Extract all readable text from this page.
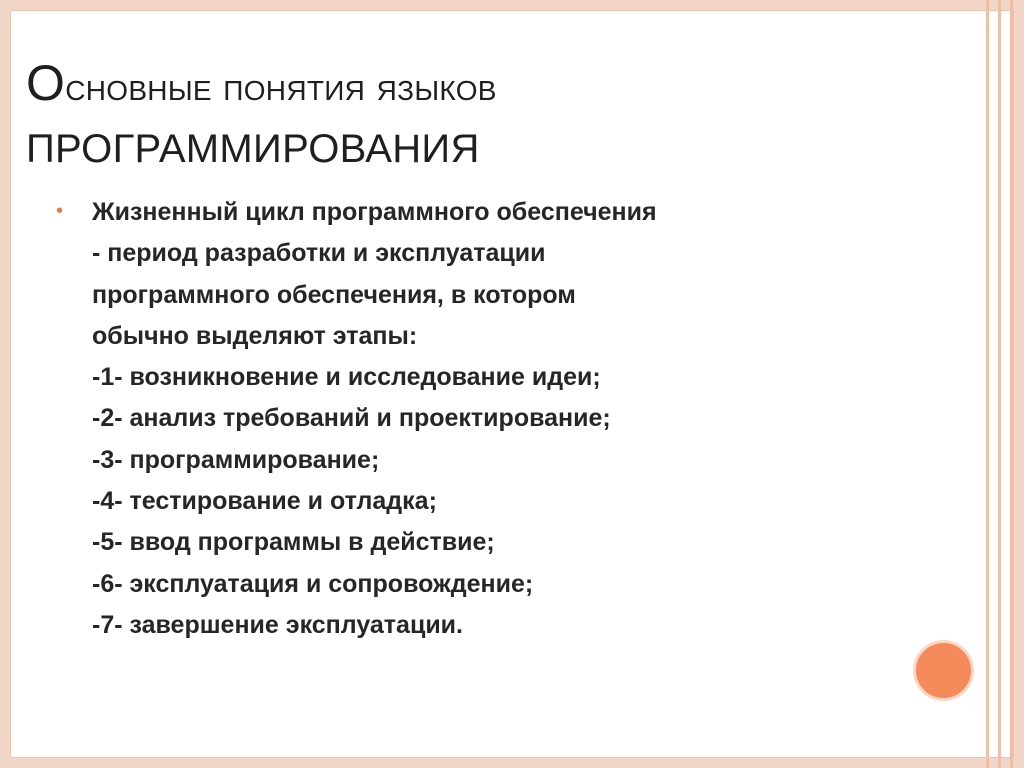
Основные понятия языков
ПРОГРАММИРОВАНИЯ
•	Жизненный цикл программного обеспечения
- период разработки и эксплуатации
программного обеспечения, в котором
обычно выделяют этапы:
-1- возникновение и исследование идеи;
-2- анализ требований и проектирование;
-3- программирование;
-4- тестирование и отладка;
-5- ввод программы в действие;
-6- эксплуатация и сопровождение;
-7- завершение эксплуатации.
